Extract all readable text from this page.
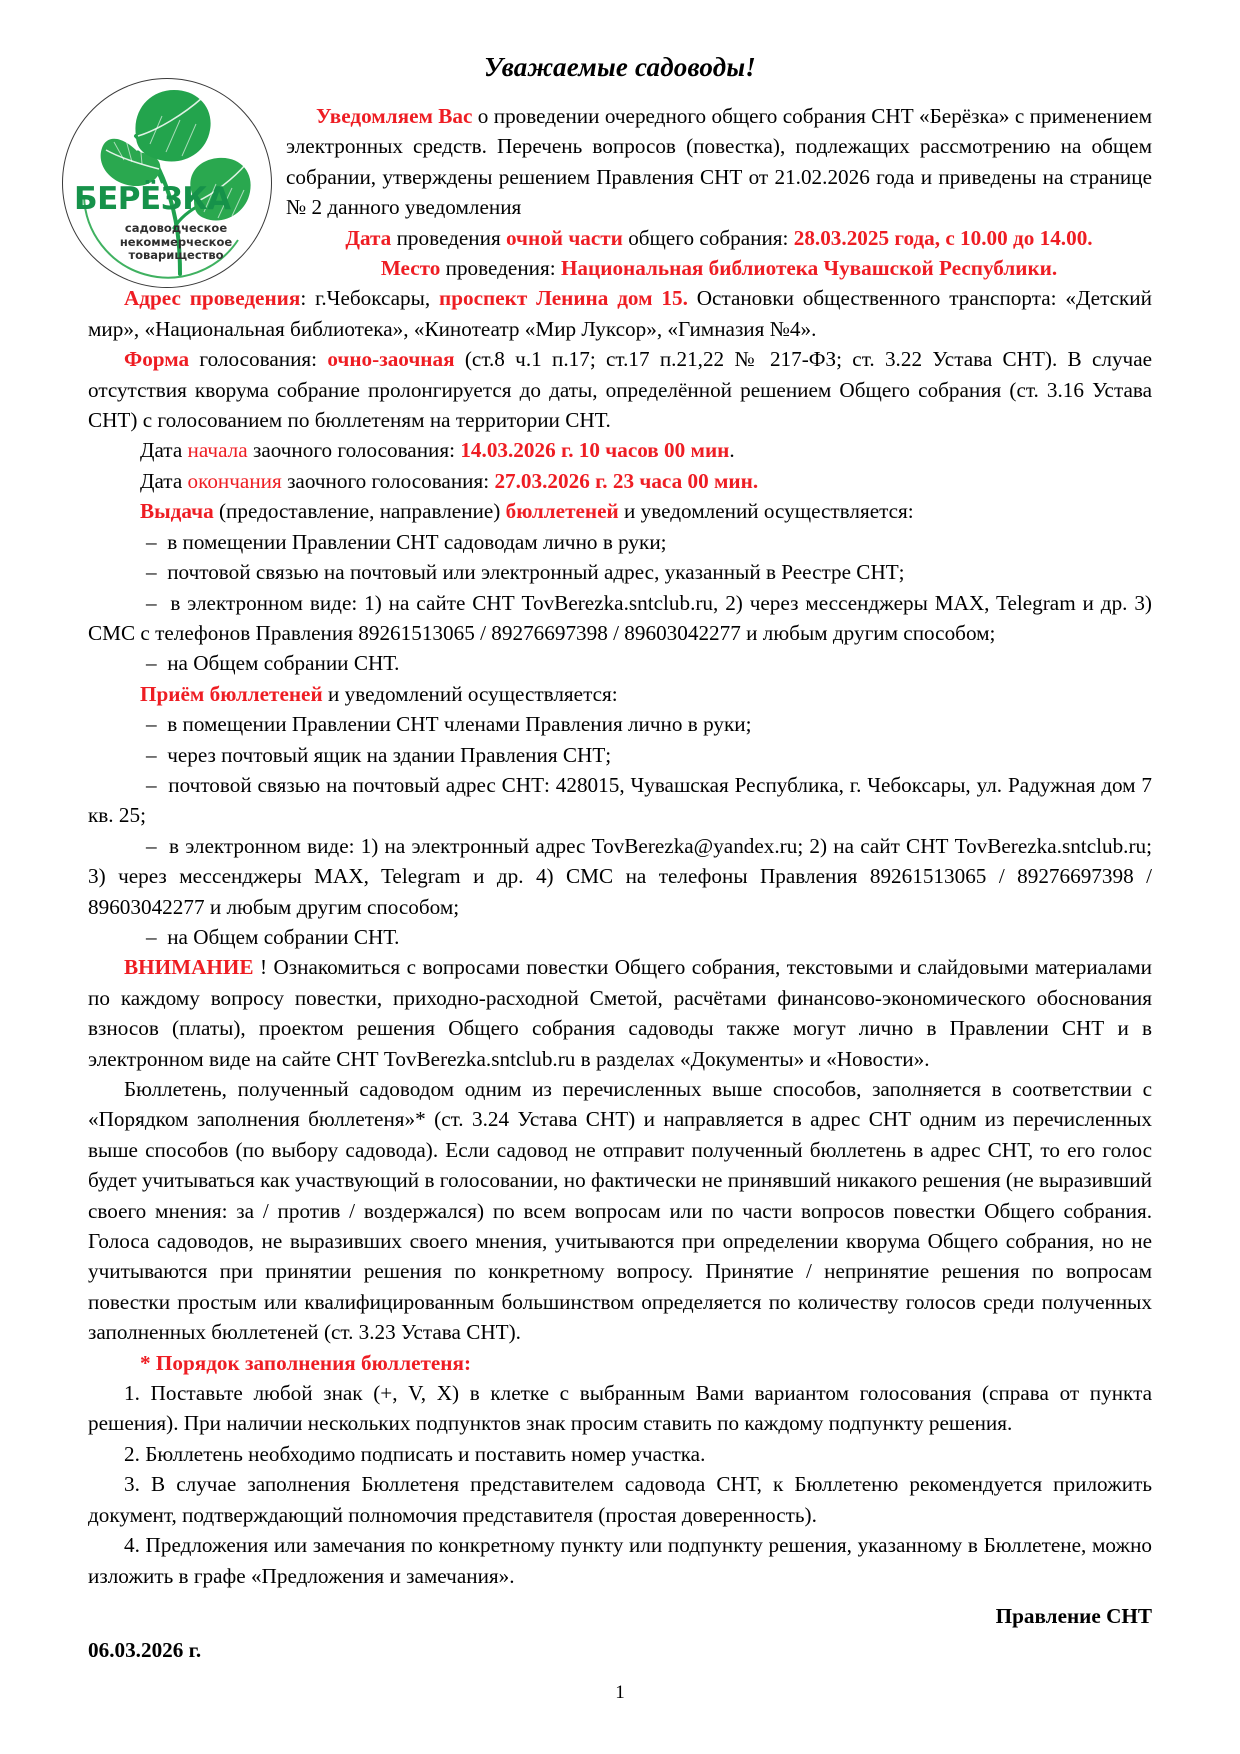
БЕРЁЗКА
садоводческое
некоммерческое
товарищество
Уважаемые садоводы!

Уведомляем Вас о проведении очередного общего собрания СНТ «Берёзка» с применением электронных средств. Перечень вопросов (повестка), подлежащих рассмотрению на общем собрании, утверждены решением Правления СНТ от 21.02.2026 года и приведены на странице № 2 данного уведомления

Дата проведения очной части общего собрания: 28.03.2025 года, с 10.00 до 14.00.

Место проведения: Национальная библиотека Чувашской Республики.

Адрес проведения: г.Чебоксары, проспект Ленина дом 15. Остановки общественного транспорта: «Детский мир», «Национальная библиотека», «Кинотеатр «Мир Луксор», «Гимназия №4».

Форма голосования: очно-заочная (ст.8 ч.1 п.17; ст.17 п.21,22 № 217-ФЗ; ст. 3.22 Устава СНТ). В случае отсутствия кворума собрание пролонгируется до даты, определённой решением Общего собрания (ст. 3.16 Устава СНТ) с голосованием по бюллетеням на территории СНТ.

Дата начала заочного голосования: 14.03.2026 г. 10 часов 00 мин.

Дата окончания заочного голосования: 27.03.2026 г. 23 часа 00 мин.

Выдача (предоставление, направление) бюллетеней и уведомлений осуществляется:

–  в помещении Правлении СНТ садоводам лично в руки;

–  почтовой связью на почтовый или электронный адрес, указанный в Реестре СНТ;

–  в электронном виде: 1) на сайте СНТ TovBerezka.sntclub.ru, 2) через мессенджеры MAX, Telegram и др. 3) СМС с телефонов Правления 89261513065 / 89276697398 / 89603042277 и любым другим способом;

–  на Общем собрании СНТ.

Приём бюллетеней и уведомлений осуществляется:

–  в помещении Правлении СНТ членами Правления лично в руки;

–  через почтовый ящик на здании Правления СНТ;

–  почтовой связью на почтовый адрес СНТ: 428015, Чувашская Республика, г. Чебоксары, ул. Радужная дом 7 кв. 25;

–  в электронном виде: 1) на электронный адрес TovBerezka@yandex.ru; 2) на сайт СНТ TovBerezka.sntclub.ru; 3) через мессенджеры MAX, Telegram и др. 4) СМС на телефоны Правления 89261513065 / 89276697398 / 89603042277 и любым другим способом;

–  на Общем собрании СНТ.

ВНИМАНИЕ ! Ознакомиться с вопросами повестки Общего собрания, текстовыми и слайдовыми материалами по каждому вопросу повестки, приходно-расходной Сметой, расчётами финансово-экономического обоснования взносов (платы), проектом решения Общего собрания садоводы также могут лично в Правлении СНТ и в электронном виде на сайте СНТ TovBerezka.sntclub.ru в разделах «Документы» и «Новости».

Бюллетень, полученный садоводом одним из перечисленных выше способов, заполняется в соответствии с «Порядком заполнения бюллетеня»* (ст. 3.24 Устава СНТ) и направляется в адрес СНТ одним из перечисленных выше способов (по выбору садовода). Если садовод не отправит полученный бюллетень в адрес СНТ, то его голос будет учитываться как участвующий в голосовании, но фактически не принявший никакого решения (не выразивший своего мнения: за / против / воздержался) по всем вопросам или по части вопросов повестки Общего собрания. Голоса садоводов, не выразивших своего мнения, учитываются при определении кворума Общего собрания, но не учитываются при принятии решения по конкретному вопросу. Принятие / непринятие решения по вопросам повестки простым или квалифицированным большинством определяется по количеству голосов среди полученных заполненных бюллетеней (ст. 3.23 Устава СНТ).

* Порядок заполнения бюллетеня:

1. Поставьте любой знак (+, V, X) в клетке с выбранным Вами вариантом голосования (справа от пункта решения). При наличии нескольких подпунктов знак просим ставить по каждому подпункту решения.

2. Бюллетень необходимо подписать и поставить номер участка.

3. В случае заполнения Бюллетеня представителем садовода СНТ, к Бюллетеню рекомендуется приложить документ, подтверждающий полномочия представителя (простая доверенность).

4. Предложения или замечания по конкретному пункту или подпункту решения, указанному в Бюллетене, можно изложить в графе «Предложения и замечания».

Правление СНТ

06.03.2026 г.

1
